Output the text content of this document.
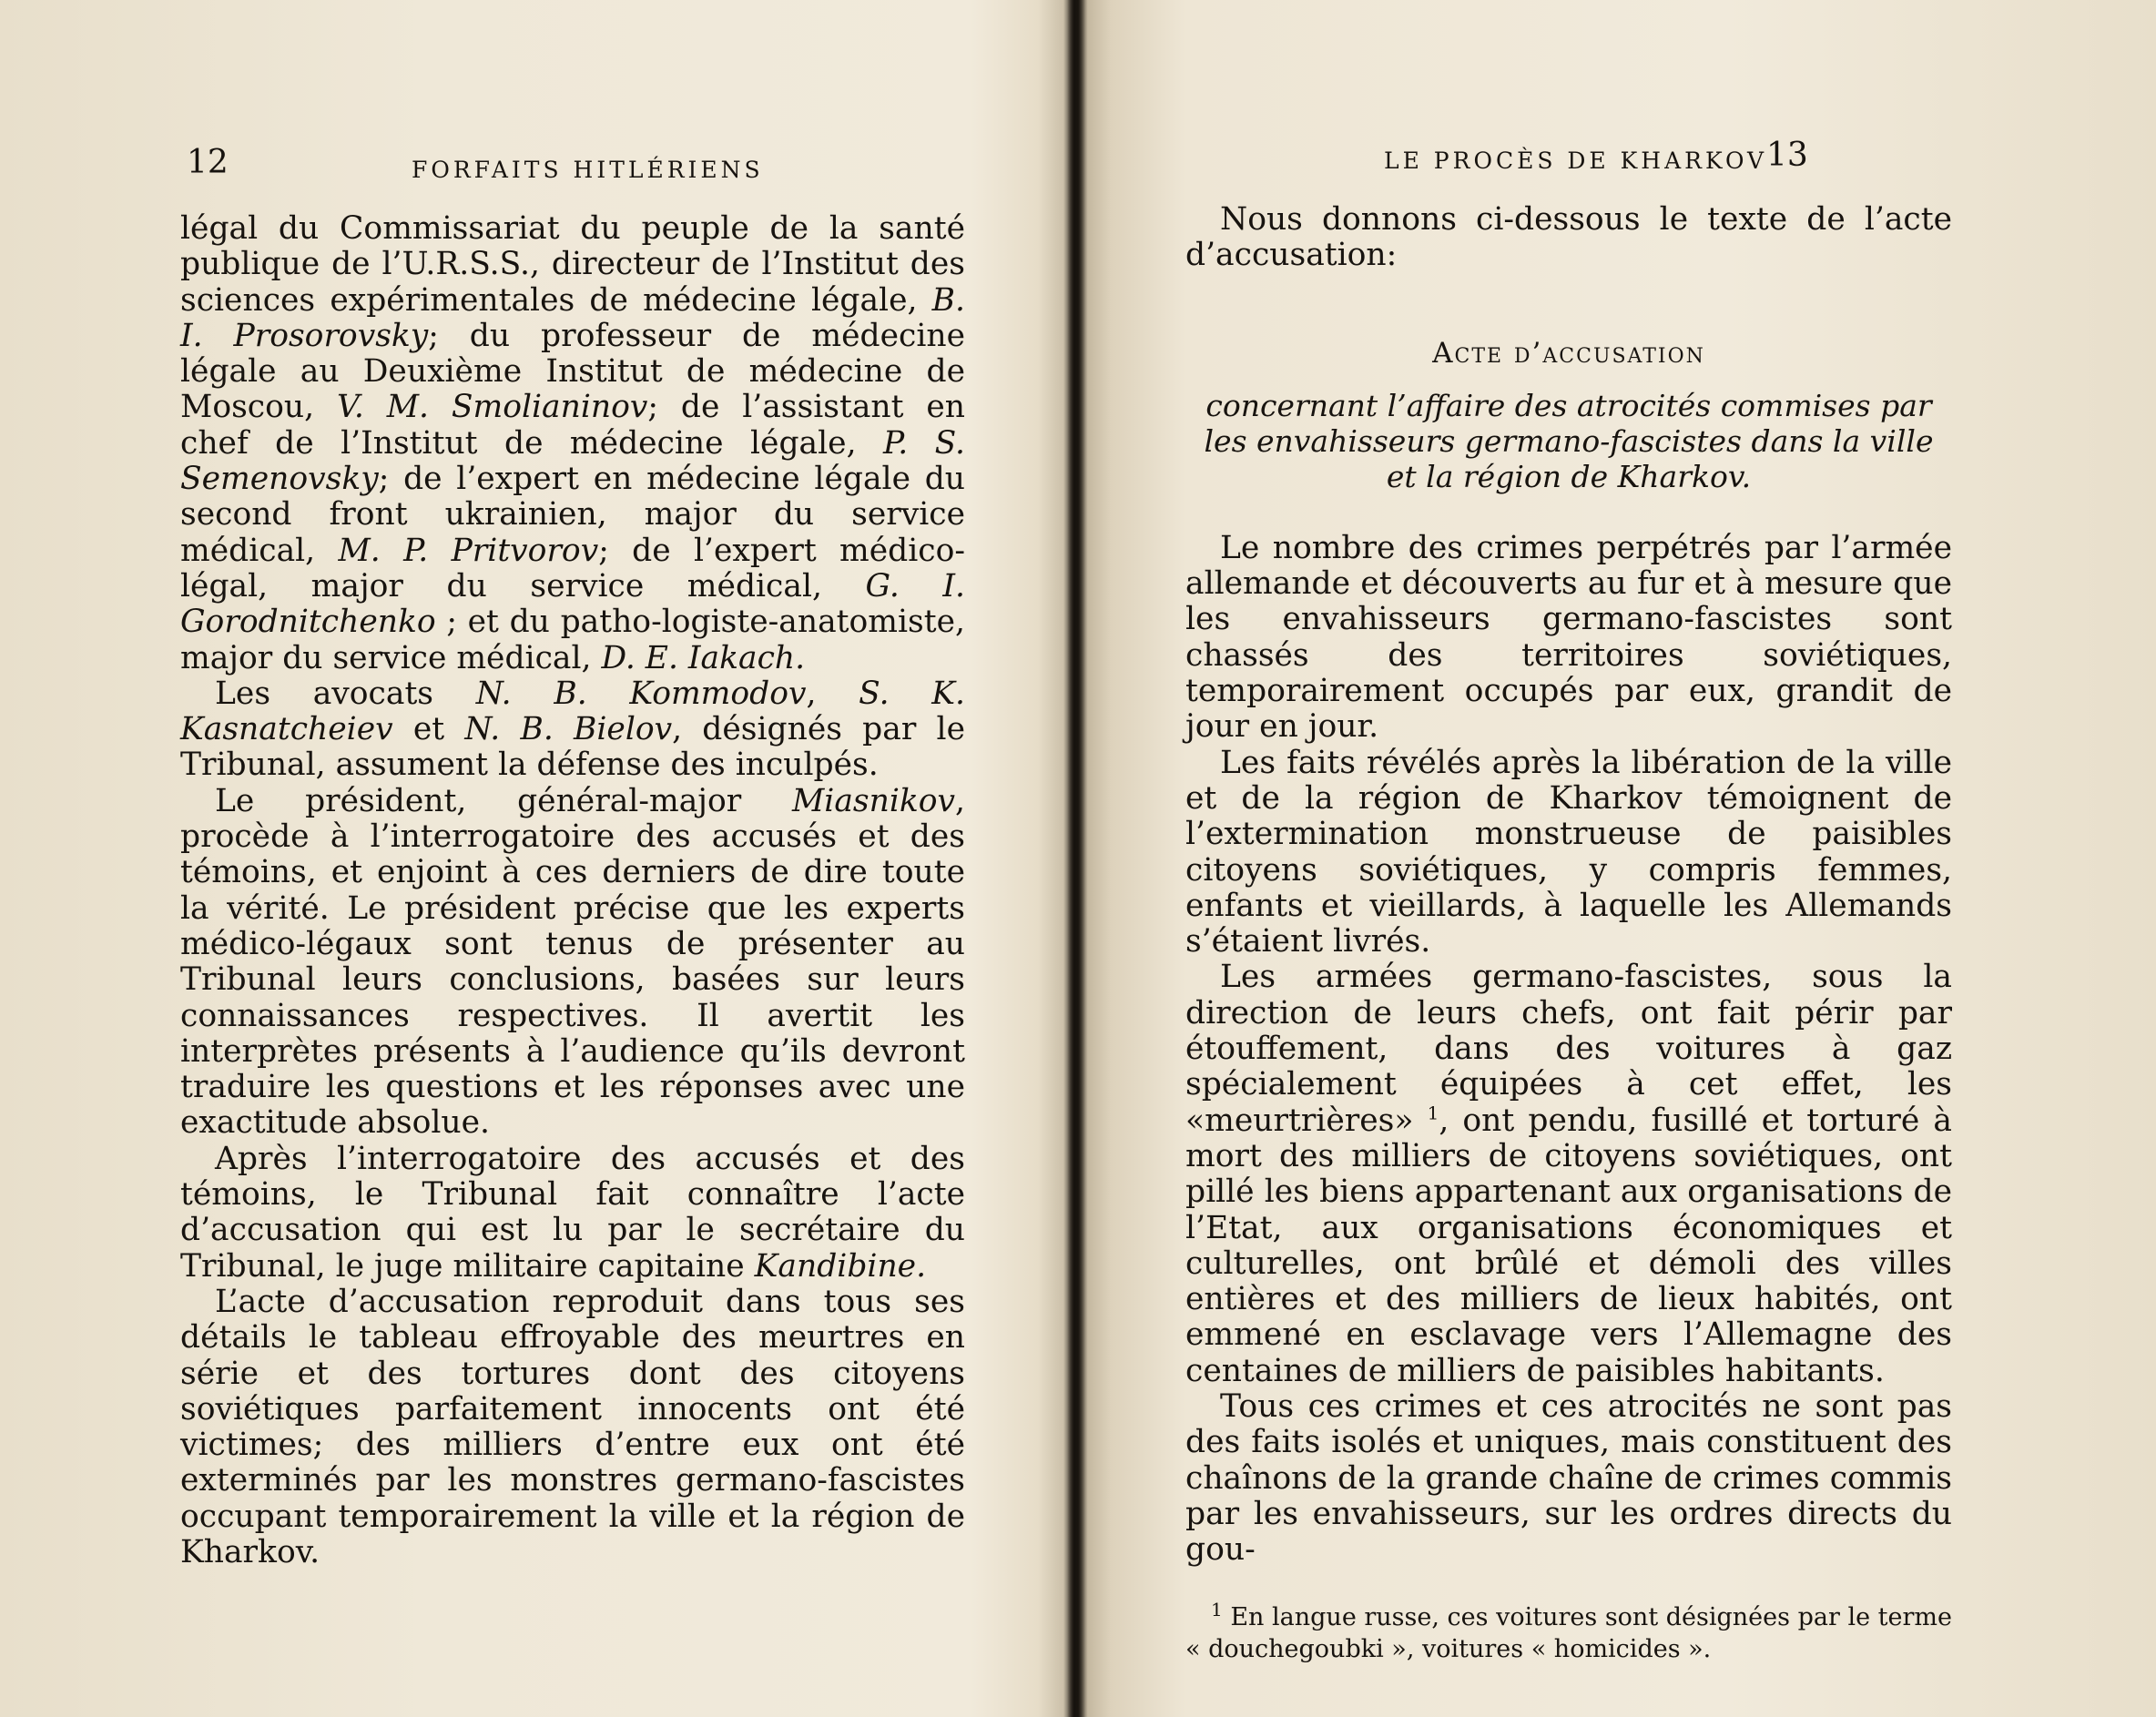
12	FORFAITS HITLÉRIENS

légal du Commissariat du peuple de la santé publique de l’U.R.S.S., directeur de l’Institut des sciences expérimentales de médecine légale, B. I. Prosorovsky; du professeur de médecine légale au Deuxième Institut de médecine de Moscou, V. M. Smolianinov; de l’assistant en chef de l’Institut de médecine légale, P. S. Semenovsky; de l’expert en médecine légale du second front ukrainien, major du service médical, M. P. Pritvorov; de l’expert médico-légal, major du service médical, G. I. Gorodnitchenko ; et du patho-logiste-anatomiste, major du service médical, D. E. Iakach.

Les avocats N. B. Kommodov, S. K. Kasnatcheiev et N. B. Bielov, désignés par le Tribunal, assument la défense des inculpés.

Le président, général-major Miasnikov, procède à l’interrogatoire des accusés et des témoins, et enjoint à ces derniers de dire toute la vérité. Le président précise que les experts médico-légaux sont tenus de présenter au Tribunal leurs conclusions, basées sur leurs connaissances respectives. Il avertit les interprètes présents à l’audience qu’ils devront traduire les questions et les réponses avec une exactitude absolue.

Après l’interrogatoire des accusés et des témoins, le Tribunal fait connaître l’acte d’accusation qui est lu par le secrétaire du Tribunal, le juge militaire capitaine Kandibine.

L’acte d’accusation reproduit dans tous ses détails le tableau effroyable des meurtres en série et des tortures dont des citoyens soviétiques parfaitement innocents ont été victimes; des milliers d’entre eux ont été exterminés par les monstres germano-fascistes occupant temporairement la ville et la région de Kharkov.

LE PROCÈS DE KHARKOV
13

Nous donnons ci-dessous le texte de l’acte d’accusation:

Acte d’accusation
concernant l’affaire des atrocités commises par les envahisseurs germano-fascistes dans la ville et la région de Kharkov.

Le nombre des crimes perpétrés par l’armée allemande et découverts au fur et à mesure que les envahisseurs germano-fascistes sont chassés des territoires soviétiques, temporairement occupés par eux, grandit de jour en jour.

Les faits révélés après la libération de la ville et de la région de Kharkov témoignent de l’extermination monstrueuse de paisibles citoyens soviétiques, y compris femmes, enfants et vieillards, à laquelle les Allemands s’étaient livrés.

Les armées germano-fascistes, sous la direction de leurs chefs, ont fait périr par étouffement, dans des voitures à gaz spécialement équipées à cet effet, les «meurtrières» $^1$, ont pendu, fusillé et torturé à mort des milliers de citoyens soviétiques, ont pillé les biens appartenant aux organisations de l’Etat, aux organisations économiques et culturelles, ont brûlé et démoli des villes entières et des milliers de lieux habités, ont emmené en esclavage vers l’Allemagne des centaines de milliers de paisibles habitants.

Tous ces crimes et ces atrocités ne sont pas des faits isolés et uniques, mais constituent des chaînons de la grande chaîne de crimes commis par les envahisseurs, sur les ordres directs du gou-

$^1$ En langue russe, ces voitures sont désignées par le terme « douchegoubki », voitures « homicides ».
